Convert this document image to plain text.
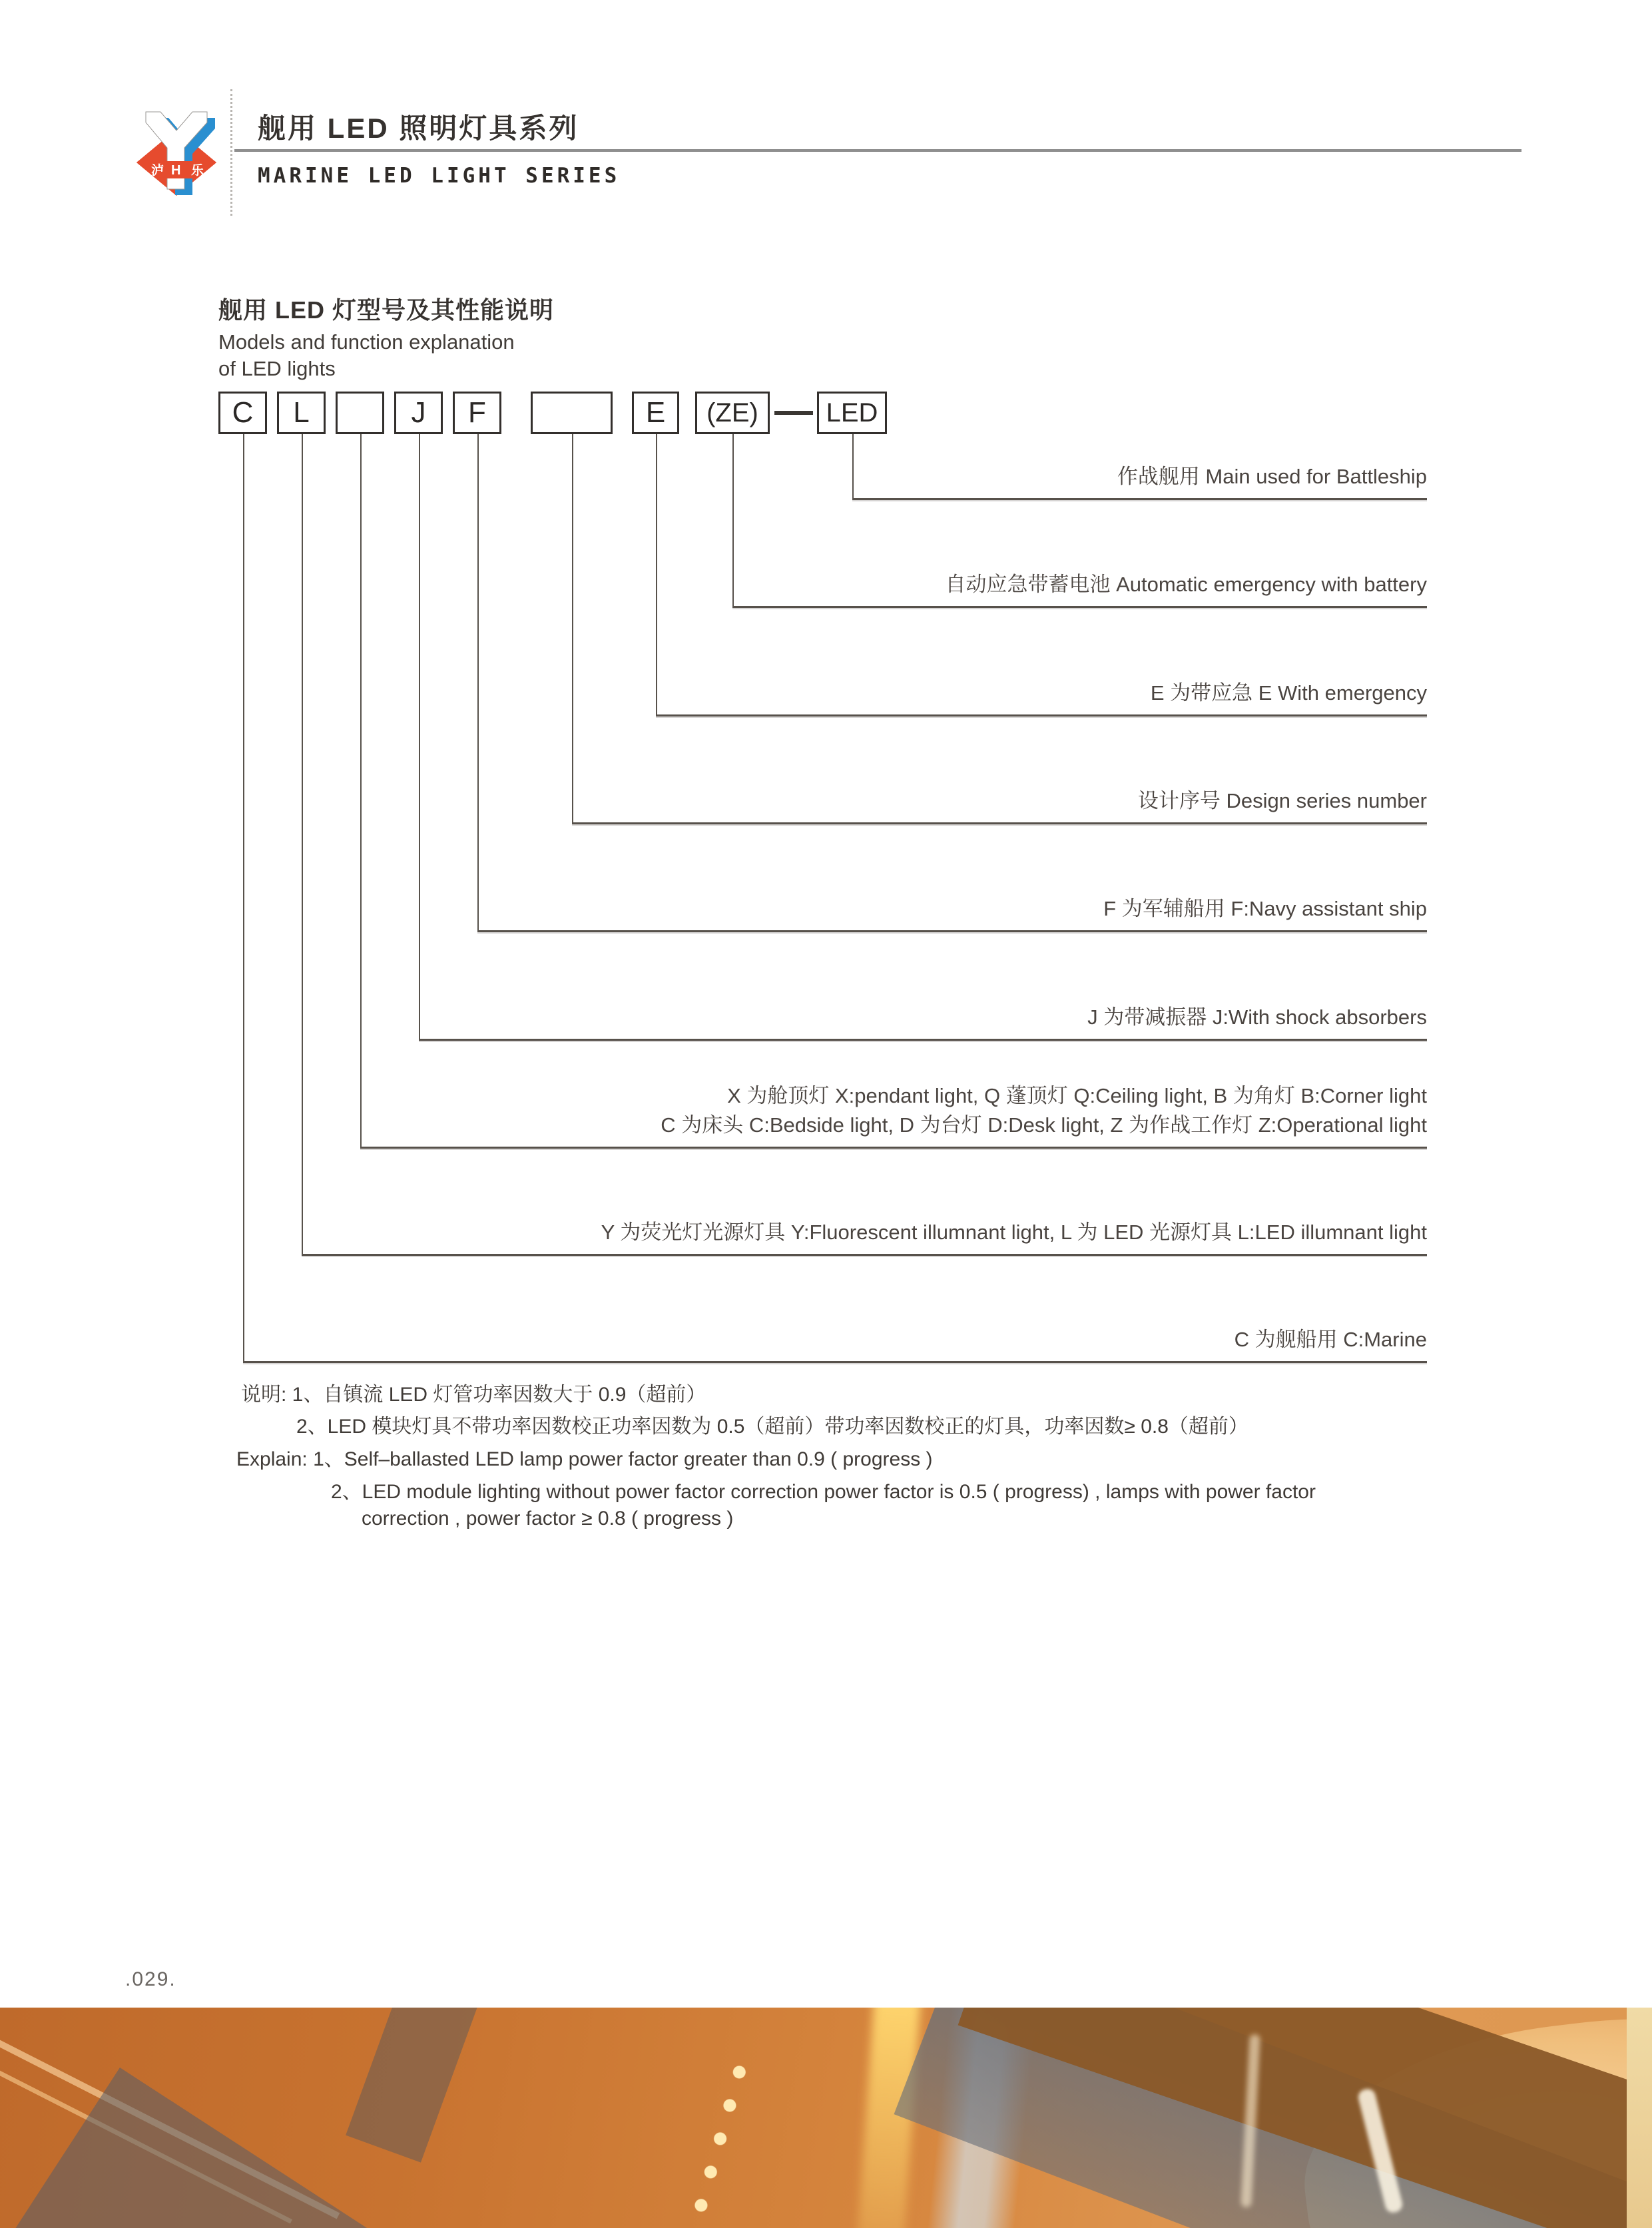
泸 H 乐
舰用 LED 照明灯具系列
MARINE LED LIGHT SERIES
舰用 LED 灯型号及其性能说明
Models and function explanation
of LED lights
C L	J F	E (ZE)	LED
作战舰用 Main used for Battleship
自动应急带蓄电池 Automatic emergency with battery
E 为带应急 E With emergency
设计序号 Design series number
F 为军辅船用 F:Navy assistant ship
J 为带减振器 J:With shock absorbers
X 为舱顶灯 X:pendant light, Q 蓬顶灯 Q:Ceiling light, B 为角灯 B:Corner light
C 为床头 C:Bedside light, D 为台灯 D:Desk light, Z 为作战工作灯 Z:Operational light
Y 为荧光灯光源灯具 Y:Fluorescent illumnant light, L 为 LED 光源灯具 L:LED illumnant light
C 为舰船用 C:Marine
说明: 1、自镇流 LED 灯管功率因数大于 0.9（超前）
2、LED 模块灯具不带功率因数校正功率因数为 0.5（超前）带功率因数校正的灯具，功率因数≥ 0.8（超前）
Explain: 1、Self–ballasted LED lamp power factor greater than 0.9 ( progress )
2、LED module lighting without power factor correction power factor is 0.5 ( progress) , lamps with power factor
correction , power factor ≥ 0.8 ( progress )
.029.
